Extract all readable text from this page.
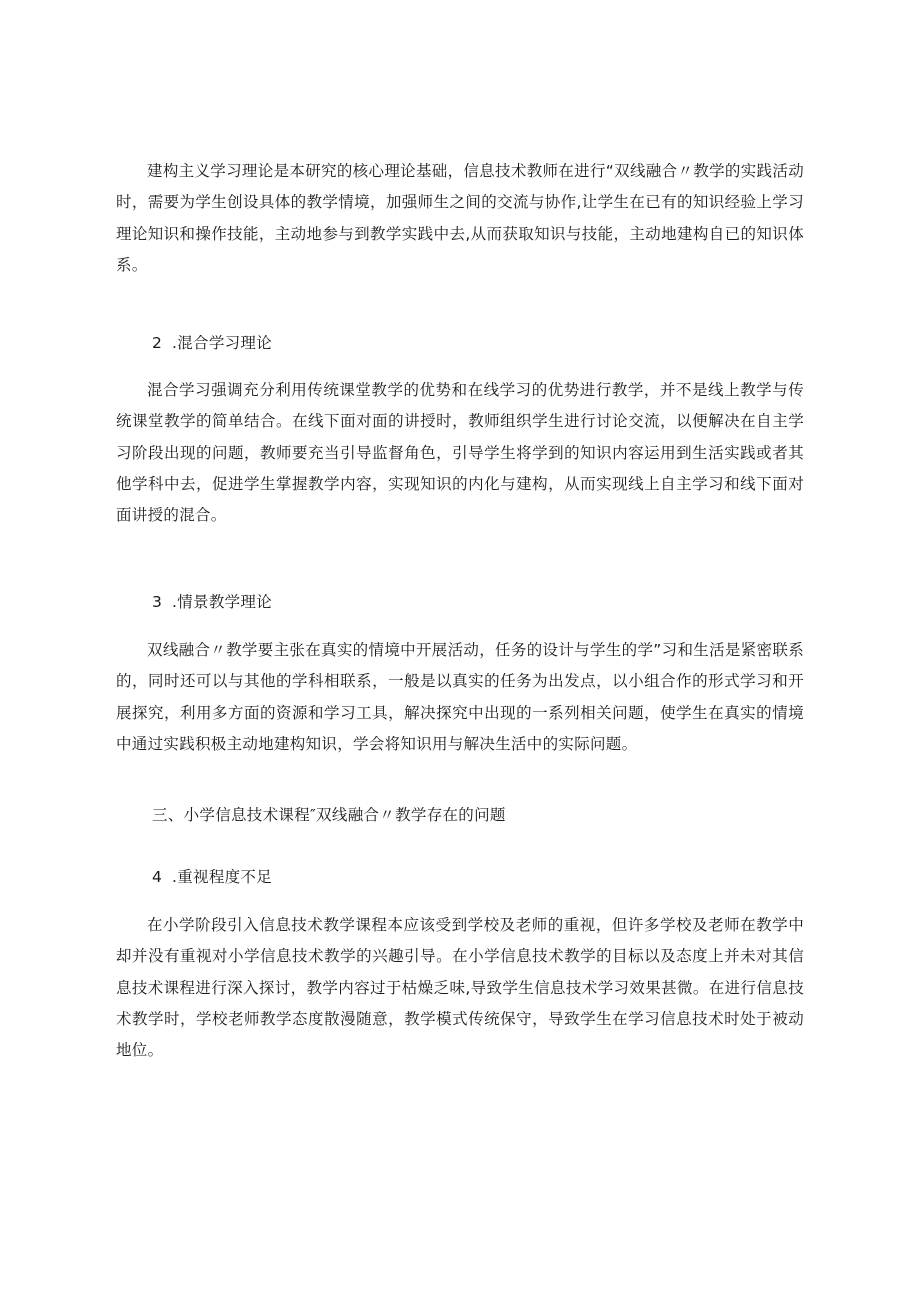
建构主义学习理论是本研究的核心理论基础，信息技术教师在进行“双线融合〃教学的实践活动时，需要为学生创设具体的教学情境，加强师生之间的交流与协作,让学生在已有的知识经验上学习理论知识和操作技能，主动地参与到教学实践中去,从而获取知识与技能，主动地建构自已的知识体系。

2 .混合学习理论

混合学习强调充分利用传统课堂教学的优势和在线学习的优势进行教学，并不是线上教学与传统课堂教学的简单结合。在线下面对面的讲授时，教师组织学生进行讨论交流，以便解决在自主学习阶段出现的问题，教师要充当引导监督角色，引导学生将学到的知识内容运用到生活实践或者其他学科中去，促进学生掌握教学内容，实现知识的内化与建构，从而实现线上自主学习和线下面对面讲授的混合。

3 .情景教学理论

双线融合〃教学要主张在真实的情境中开展活动，任务的设计与学生的学”习和生活是紧密联系的，同时还可以与其他的学科相联系，一般是以真实的任务为出发点，以小组合作的形式学习和开展探究，利用多方面的资源和学习工具，解决探究中出现的一系列相关问题，使学生在真实的情境中通过实践积极主动地建构知识，学会将知识用与解决生活中的实际问题。

三、小学信息技术课程″双线融合〃教学存在的问题

4 .重视程度不足

在小学阶段引入信息技术教学课程本应该受到学校及老师的重视，但许多学校及老师在教学中却并没有重视对小学信息技术教学的兴趣引导。在小学信息技术教学的目标以及态度上并未对其信息技术课程进行深入探讨，教学内容过于枯燥乏味,导致学生信息技术学习效果甚微。在进行信息技术教学时，学校老师教学态度散漫随意，教学模式传统保守，导致学生在学习信息技术时处于被动地位。
